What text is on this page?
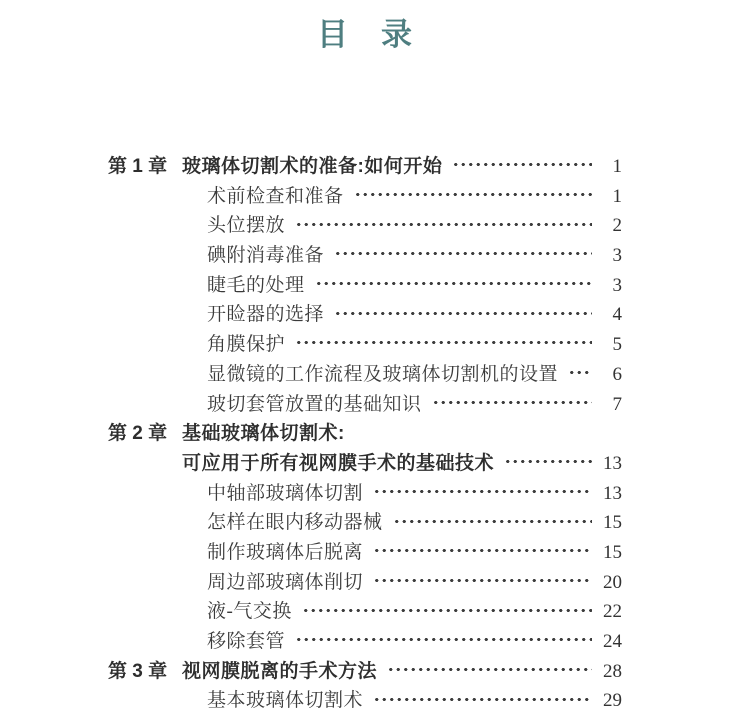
目　录
第 1 章 玻璃体切割术的准备:如何开始	1
术前检查和准备	1
头位摆放	2
碘附消毒准备	3
睫毛的处理	3
开睑器的选择	4
角膜保护	5
显微镜的工作流程及玻璃体切割机的设置	6
玻切套管放置的基础知识	7
第 2 章 基础玻璃体切割术:
可应用于所有视网膜手术的基础技术	13
中轴部玻璃体切割	13
怎样在眼内移动器械	15
制作玻璃体后脱离	15
周边部玻璃体削切	20
液-气交换	22
移除套管	24
第 3 章 视网膜脱离的手术方法	28
基本玻璃体切割术	29
